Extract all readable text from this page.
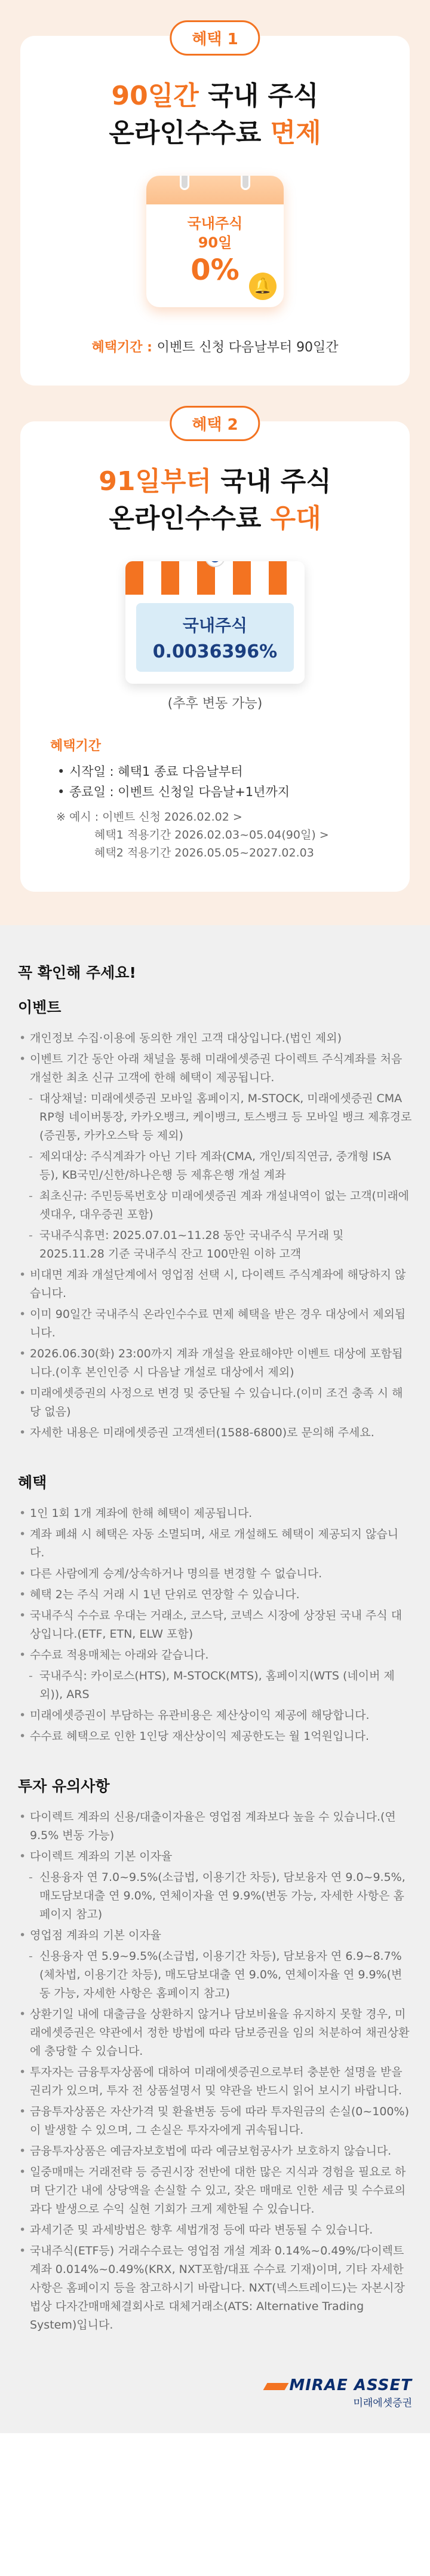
혜택 1
90일간 국내 주식
온라인수수료 면제
국내주식
90일
0% 🔔
혜택기간 : 이벤트 신청 다음날부터 90일간
혜택 2
91일부터 국내 주식
온라인수수료 우대
국내주식
0.0036396%
(추후 변동 가능)
혜택기간
• 시작일 : 혜택1 종료 다음날부터
• 종료일 : 이벤트 신청일 다음날+1년까지
※ 예시 : 이벤트 신청 2026.02.02 >
혜택1 적용기간 2026.02.03~05.04(90일) >
혜택2 적용기간 2026.05.05~2027.02.03
꼭 확인해 주세요!
이벤트
• 개인정보 수집·이용에 동의한 개인 고객 대상입니다.(법인 제외)
• 이벤트 기간 동안 아래 채널을 통해 미래에셋증권 다이렉트 주식계좌를 처음 개설한 최초 신규 고객에 한해 혜택이 제공됩니다.
- 대상채널: 미래에셋증권 모바일 홈페이지, M-STOCK, 미래에셋증권 CMA RP형 네이버통장, 카카오뱅크, 케이뱅크, 토스뱅크 등 모바일 뱅크 제휴경로(증권통, 카카오스탁 등 제외)
- 제외대상: 주식계좌가 아닌 기타 계좌(CMA, 개인/퇴직연금, 중개형 ISA 등), KB국민/신한/하나은행 등 제휴은행 개설 계좌
- 최초신규: 주민등록번호상 미래에셋증권 계좌 개설내역이 없는 고객(미래에셋대우, 대우증권 포함)
- 국내주식휴면: 2025.07.01~11.28 동안 국내주식 무거래 및 2025.11.28 기준 국내주식 잔고 100만원 이하 고객
• 비대면 계좌 개설단계에서 영업점 선택 시, 다이렉트 주식계좌에 해당하지 않습니다.
• 이미 90일간 국내주식 온라인수수료 면제 혜택을 받은 경우 대상에서 제외됩니다.
• 2026.06.30(화) 23:00까지 계좌 개설을 완료해야만 이벤트 대상에 포함됩니다.(이후 본인인증 시 다음날 개설로 대상에서 제외)
• 미래에셋증권의 사정으로 변경 및 중단될 수 있습니다.(이미 조건 충족 시 해당 없음)
• 자세한 내용은 미래에셋증권 고객센터(1588-6800)로 문의해 주세요.
혜택
• 1인 1회 1개 계좌에 한해 혜택이 제공됩니다.
• 계좌 폐쇄 시 혜택은 자동 소멸되며, 새로 개설해도 혜택이 제공되지 않습니다.
• 다른 사람에게 승계/상속하거나 명의를 변경할 수 없습니다.
• 혜택 2는 주식 거래 시 1년 단위로 연장할 수 있습니다.
• 국내주식 수수료 우대는 거래소, 코스닥, 코넥스 시장에 상장된 국내 주식 대상입니다.(ETF, ETN, ELW 포함)
• 수수료 적용매체는 아래와 같습니다.
- 국내주식: 카이로스(HTS), M-STOCK(MTS), 홈페이지(WTS (네이버 제외)), ARS
• 미래에셋증권이 부담하는 유관비용은 제산상이익 제공에 해당합니다.
• 수수료 혜택으로 인한 1인당 재산상이익 제공한도는 월 1억원입니다.
투자 유의사항
• 다이렉트 계좌의 신용/대출이자율은 영업점 계좌보다 높을 수 있습니다.(연 9.5% 변동 가능)
• 다이렉트 계좌의 기본 이자율
- 신용융자 연 7.0~9.5%(소급법, 이용기간 차등), 담보융자 연 9.0~9.5%, 매도담보대출 연 9.0%, 연체이자율 연 9.9%(변동 가능, 자세한 사항은 홈페이지 참고)
• 영업점 계좌의 기본 이자율
- 신용융자 연 5.9~9.5%(소급법, 이용기간 차등), 담보융자 연 6.9~8.7%(체차법, 이용기간 차등), 매도담보대출 연 9.0%, 연체이자율 연 9.9%(변동 가능, 자세한 사항은 홈페이지 참고)
• 상환기일 내에 대출금을 상환하지 않거나 담보비율을 유지하지 못할 경우, 미래에셋증권은 약관에서 정한 방법에 따라 담보증권을 임의 처분하여 채권상환에 충당할 수 있습니다.
• 투자자는 금융투자상품에 대하여 미래에셋증권으로부터 충분한 설명을 받을 권리가 있으며, 투자 전 상품설명서 및 약관을 반드시 읽어 보시기 바랍니다.
• 금융투자상품은 자산가격 및 환율변동 등에 따라 투자원금의 손실(0~100%)이 발생할 수 있으며, 그 손실은 투자자에게 귀속됩니다.
• 금융투자상품은 예금자보호법에 따라 예금보험공사가 보호하지 않습니다.
• 일중매매는 거래전략 등 증권시장 전반에 대한 많은 지식과 경험을 필요로 하며 단기간 내에 상당액을 손실할 수 있고, 잦은 매매로 인한 세금 및 수수료의 과다 발생으로 수익 실현 기회가 크게 제한될 수 있습니다.
• 과세기준 및 과세방법은 향후 세법개정 등에 따라 변동될 수 있습니다.
• 국내주식(ETF등) 거래수수료는 영업점 개설 계좌 0.14%~0.49%/다이렉트 계좌 0.014%~0.49%(KRX, NXT포함/대표 수수료 기재)이며, 기타 자세한 사항은 홈페이지 등을 참고하시기 바랍니다. NXT(넥스트레이드)는 자본시장법상 다자간매매체결회사로 대체거래소(ATS: Alternative Trading System)입니다.
MIRAE ASSET
미래에셋증권
